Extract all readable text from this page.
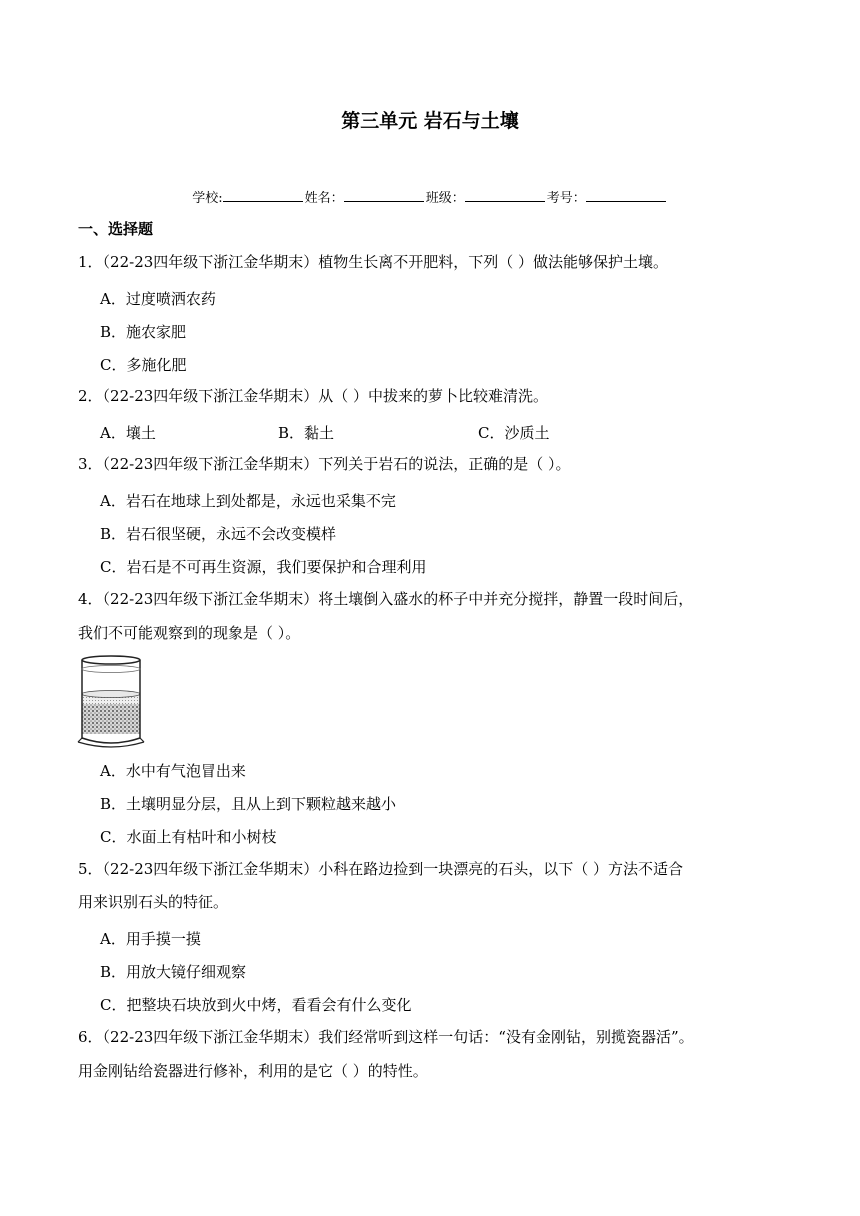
第三单元 岩石与土壤
学校:	姓名：	班级：	考号：
一、选择题
1．（22-23四年级下浙江金华期末）植物生长离不开肥料，下列（ ）做法能够保护土壤。
A．过度喷洒农药
B．施农家肥
C．多施化肥
2．（22-23四年级下浙江金华期末）从（ ）中拔来的萝卜比较难清洗。
A．壤土	B．黏土	C．沙质土
3．（22-23四年级下浙江金华期末）下列关于岩石的说法，正确的是（ ）。
A．岩石在地球上到处都是，永远也采集不完
B．岩石很坚硬，永远不会改变模样
C．岩石是不可再生资源，我们要保护和合理利用
4．（22-23四年级下浙江金华期末）将土壤倒入盛水的杯子中并充分搅拌，静置一段时间后，
我们不可能观察到的现象是（ ）。
A．水中有气泡冒出来
B．土壤明显分层，且从上到下颗粒越来越小
C．水面上有枯叶和小树枝
5．（22-23四年级下浙江金华期末）小科在路边捡到一块漂亮的石头，以下（ ）方法不适合
用来识别石头的特征。
A．用手摸一摸
B．用放大镜仔细观察
C．把整块石块放到火中烤，看看会有什么变化
6．（22-23四年级下浙江金华期末）我们经常听到这样一句话：“没有金刚钻，别揽瓷器活”。
用金刚钻给瓷器进行修补，利用的是它（ ）的特性。
